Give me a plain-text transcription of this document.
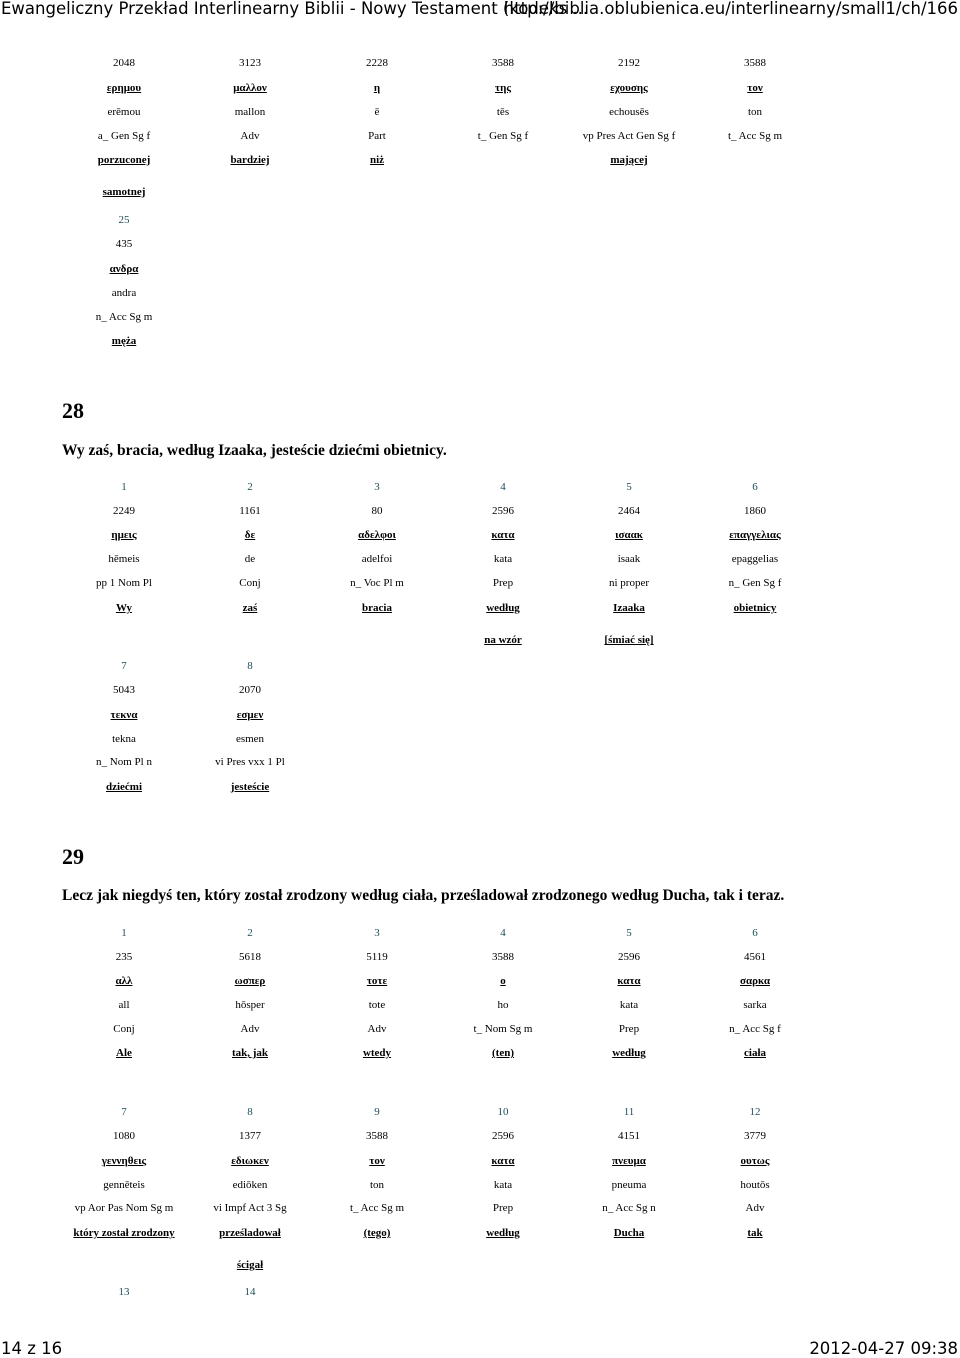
Ewangeliczny Przekład Interlinearny Biblii - Nowy Testament (kodeks ...
http://biblia.oblubienica.eu/interlinearny/small1/ch/166
2048
ερημου
erēmou
a_ Gen Sg f
porzuconej
samotnej
3123
μαλλον
mallon
Adv
bardziej
2228
η
ē
Part
niż
3588
της
tēs
t_ Gen Sg f
2192
εχουσης
echousēs
vp Pres Act Gen Sg f
mającej
3588
τον
ton
t_ Acc Sg m
25
435
ανδρα
andra
n_ Acc Sg m
męża
28
Wy zaś, bracia, według Izaaka, jesteście dziećmi obietnicy.
1
2249
ημεις
hēmeis
pp 1 Nom Pl
Wy
2
1161
δε
de
Conj
zaś
3
80
αδελφοι
adelfoi
n_ Voc Pl m
bracia
4
2596
κατα
kata
Prep
według
na wzór
5
2464
ισαακ
isaak
ni proper
Izaaka
[śmiać się]
6
1860
επαγγελιας
epaggelias
n_ Gen Sg f
obietnicy
7
5043
τεκνα
tekna
n_ Nom Pl n
dziećmi
8
2070
εσμεν
esmen
vi Pres vxx 1 Pl
jesteście
29
Lecz jak niegdyś ten, który został zrodzony według ciała, prześladował zrodzonego według Ducha, tak i teraz.
1
235
αλλ
all
Conj
Ale
2
5618
ωσπερ
hōsper
Adv
tak, jak
3
5119
τοτε
tote
Adv
wtedy
4
3588
ο
ho
t_ Nom Sg m
(ten)
5
2596
κατα
kata
Prep
według
6
4561
σαρκα
sarka
n_ Acc Sg f
ciała
7
1080
γεννηθεις
gennēteis
vp Aor Pas Nom Sg m
który został zrodzony
8
1377
εδιωκεν
ediōken
vi Impf Act 3 Sg
prześladował
ścigał
9
3588
τον
ton
t_ Acc Sg m
(tego)
10
2596
κατα
kata
Prep
według
11
4151
πνευμα
pneuma
n_ Acc Sg n
Ducha
12
3779
ουτως
houtōs
Adv
tak
13	14
14 z 16	2012-04-27 09:38
